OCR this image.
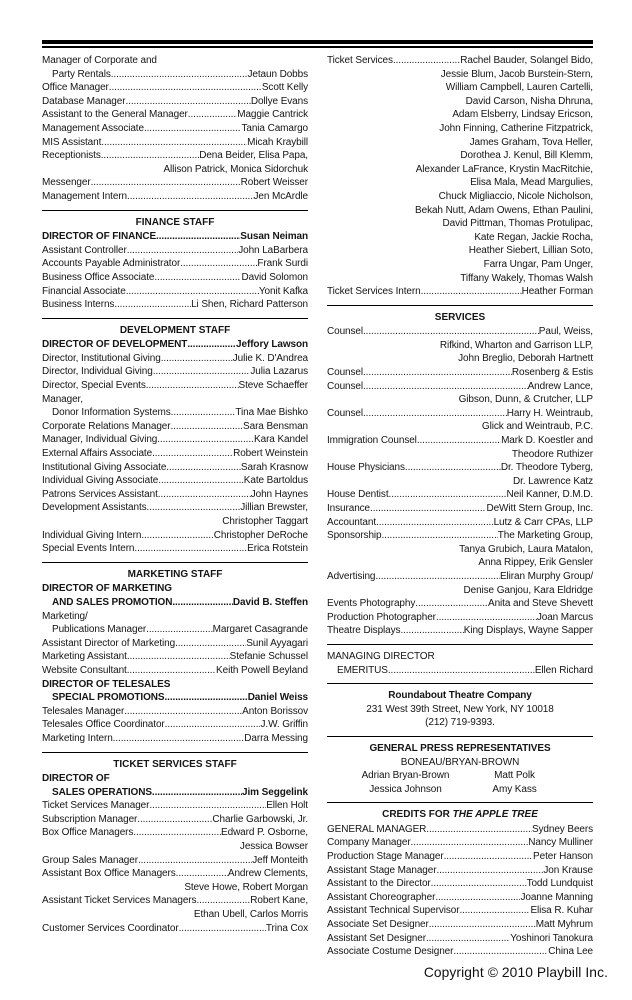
Manager of Corporate and
Party Rentals .....	Jetaun Dobbs
Office Manager .....	Scott Kelly
Database Manager .....	Dollye Evans
Assistant to the General Manager .....	Maggie Cantrick
Management Associate .....	Tania Camargo
MIS Assistant .....	Micah Kraybill
Receptionists .....	Dena Beider, Elisa Papa,
Allison Patrick, Monica Sidorchuk
Messenger .....	Robert Weisser
Management Intern .....	Jen McArdle
FINANCE STAFF
DIRECTOR OF FINANCE .....	Susan Neiman
Assistant Controller .....	John LaBarbera
Accounts Payable Administrator .....	Frank Surdi
Business Office Associate .....	David Solomon
Financial Associate .....	Yonit Kafka
Business Interns .....	Li Shen, Richard Patterson
DEVELOPMENT STAFF
DIRECTOR OF DEVELOPMENT .....	Jeffory Lawson
Director, Institutional Giving .....	Julie K. D'Andrea
Director, Individual Giving .....	Julia Lazarus
Director, Special Events .....	Steve Schaeffer
Manager,
Donor Information Systems .....	Tina Mae Bishko
Corporate Relations Manager .....	Sara Bensman
Manager, Individual Giving .....	Kara Kandel
External Affairs Associate .....	Robert Weinstein
Institutional Giving Associate .....	Sarah Krasnow
Individual Giving Associate .....	Kate Bartoldus
Patrons Services Assistant .....	John Haynes
Development Assistants .....	Jillian Brewster,
Christopher Taggart
Individual Giving Intern .....	Christopher DeRoche
Special Events Intern .....	Erica Rotstein
MARKETING STAFF
DIRECTOR OF MARKETING
AND SALES PROMOTION .....	David B. Steffen
Marketing/
Publications Manager .....	Margaret Casagrande
Assistant Director of Marketing .....	Sunil Ayyagari
Marketing Assistant .....	Stefanie Schussel
Website Consultant .....	Keith Powell Beyland
DIRECTOR OF TELESALES
SPECIAL PROMOTIONS .....	Daniel Weiss
Telesales Manager .....	Anton Borissov
Telesales Office Coordinator .....	J.W. Griffin
Marketing Intern .....	Darra Messing
TICKET SERVICES STAFF
DIRECTOR OF
SALES OPERATIONS .....	Jim Seggelink
Ticket Services Manager .....	Ellen Holt
Subscription Manager .....	Charlie Garbowski, Jr.
Box Office Managers .....	Edward P. Osborne,
Jessica Bowser
Group Sales Manager .....	Jeff Monteith
Assistant Box Office Managers .....	Andrew Clements,
Steve Howe, Robert Morgan
Assistant Ticket Services Managers .....	Robert Kane,
Ethan Ubell, Carlos Morris
Customer Services Coordinator .....	Trina Cox
Ticket Services .....	Rachel Bauder, Solangel Bido,
Jessie Blum, Jacob Burstein-Stern,
William Campbell, Lauren Cartelli,
David Carson, Nisha Dhruna,
Adam Elsberry, Lindsay Ericson,
John Finning, Catherine Fitzpatrick,
James Graham, Tova Heller,
Dorothea J. Kenul, Bill Klemm,
Alexander LaFrance, Krystin MacRitchie,
Elisa Mala, Mead Margulies,
Chuck Migliaccio, Nicole Nicholson,
Bekah Nutt, Adam Owens, Ethan Paulini,
David Pittman, Thomas Protulipac,
Kate Regan, Jackie Rocha,
Heather Siebert, Lillian Soto,
Farra Ungar, Pam Unger,
Tiffany Wakely, Thomas Walsh
Ticket Services Intern .....	Heather Forman
SERVICES
Counsel .....	Paul, Weiss,
Rifkind, Wharton and Garrison LLP,
John Breglio, Deborah Hartnett
Counsel .....	Rosenberg & Estis
Counsel .....	Andrew Lance,
Gibson, Dunn, & Crutcher, LLP
Counsel .....	Harry H. Weintraub,
Glick and Weintraub, P.C.
Immigration Counsel .....	Mark D. Koestler and
Theodore Ruthizer
House Physicians .....	Dr. Theodore Tyberg,
Dr. Lawrence Katz
House Dentist .....	Neil Kanner, D.M.D.
Insurance .....	DeWitt Stern Group, Inc.
Accountant .....	Lutz & Carr CPAs, LLP
Sponsorship .....	The Marketing Group,
Tanya Grubich, Laura Matalon,
Anna Rippey, Erik Gensler
Advertising .....	Eliran Murphy Group/
Denise Ganjou, Kara Eldridge
Events Photography .....	Anita and Steve Shevett
Production Photographer .....	Joan Marcus
Theatre Displays .....	King Displays, Wayne Sapper
MANAGING DIRECTOR
EMERITUS .....	Ellen Richard
Roundabout Theatre Company
231 West 39th Street, New York, NY 10018
(212) 719-9393.
GENERAL PRESS REPRESENTATIVES
BONEAU/BRYAN-BROWN
Adrian Bryan-Brown	Matt Polk
Jessica Johnson	Amy Kass
CREDITS FOR THE APPLE TREE
GENERAL MANAGER .....	Sydney Beers
Company Manager .....	Nancy Mulliner
Production Stage Manager .....	Peter Hanson
Assistant Stage Manager .....	Jon Krause
Assistant to the Director .....	Todd Lundquist
Assistant Choreographer .....	Joanne Manning
Assistant Technical Supervisor .....	Elisa R. Kuhar
Associate Set Designer .....	Matt Myhrum
Assistant Set Designer .....	Yoshinori Tanokura
Associate Costume Designer .....	China Lee
Copyright © 2010 Playbill Inc.
